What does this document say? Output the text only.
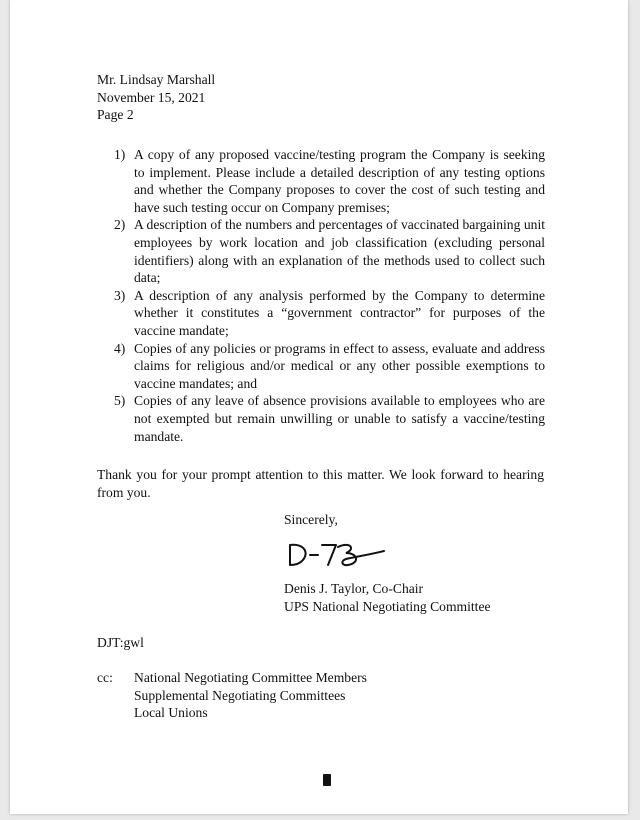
Mr. Lindsay Marshall
November 15, 2021
Page 2
1) A copy of any proposed vaccine/testing program the Company is seeking to implement. Please include a detailed description of any testing options and whether the Company proposes to cover the cost of such testing and have such testing occur on Company premises;
2) A description of the numbers and percentages of vaccinated bargaining unit employees by work location and job classification (excluding personal identifiers) along with an explanation of the methods used to collect such data;
3) A description of any analysis performed by the Company to determine whether it constitutes a “government contractor” for purposes of the vaccine mandate;
4) Copies of any policies or programs in effect to assess, evaluate and address claims for religious and/or medical or any other possible exemptions to vaccine mandates; and
5) Copies of any leave of absence provisions available to employees who are not exempted but remain unwilling or unable to satisfy a vaccine/testing mandate.
Thank you for your prompt attention to this matter. We look forward to hearing from you.
Sincerely,
Denis J. Taylor, Co-Chair
UPS National Negotiating Committee
DJT:gwl
cc:	National Negotiating Committee Members
Supplemental Negotiating Committees
Local Unions
